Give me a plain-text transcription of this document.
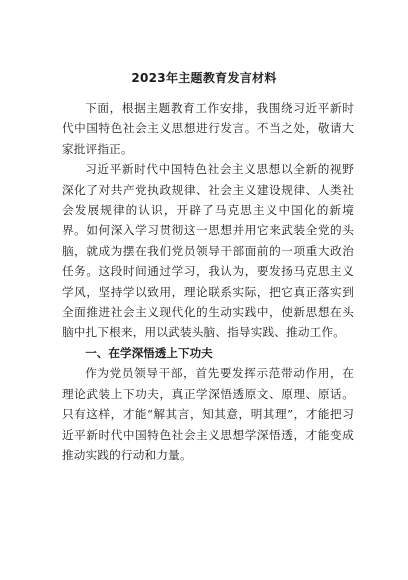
2023年主题教育发言材料

下面，根据主题教育工作安排，我围绕习近平新时代中国特色社会主义思想进行发言。不当之处，敬请大家批评指正。

习近平新时代中国特色社会主义思想以全新的视野深化了对共产党执政规律、社会主义建设规律、人类社会发展规律的认识，开辟了马克思主义中国化的新境界。如何深入学习贯彻这一思想并用它来武装全党的头脑，就成为摆在我们党员领导干部面前的一项重大政治任务。这段时间通过学习，我认为，要发扬马克思主义学风，坚持学以致用，理论联系实际，把它真正落实到全面推进社会主义现代化的生动实践中，使新思想在头脑中扎下根来，用以武装头脑、指导实践、推动工作。

一、在学深悟透上下功夫

作为党员领导干部，首先要发挥示范带动作用，在理论武装上下功夫，真正学深悟透原文、原理、原话。只有这样，才能“解其言，知其意，明其理”，才能把习近平新时代中国特色社会主义思想学深悟透，才能变成推动实践的行动和力量。
